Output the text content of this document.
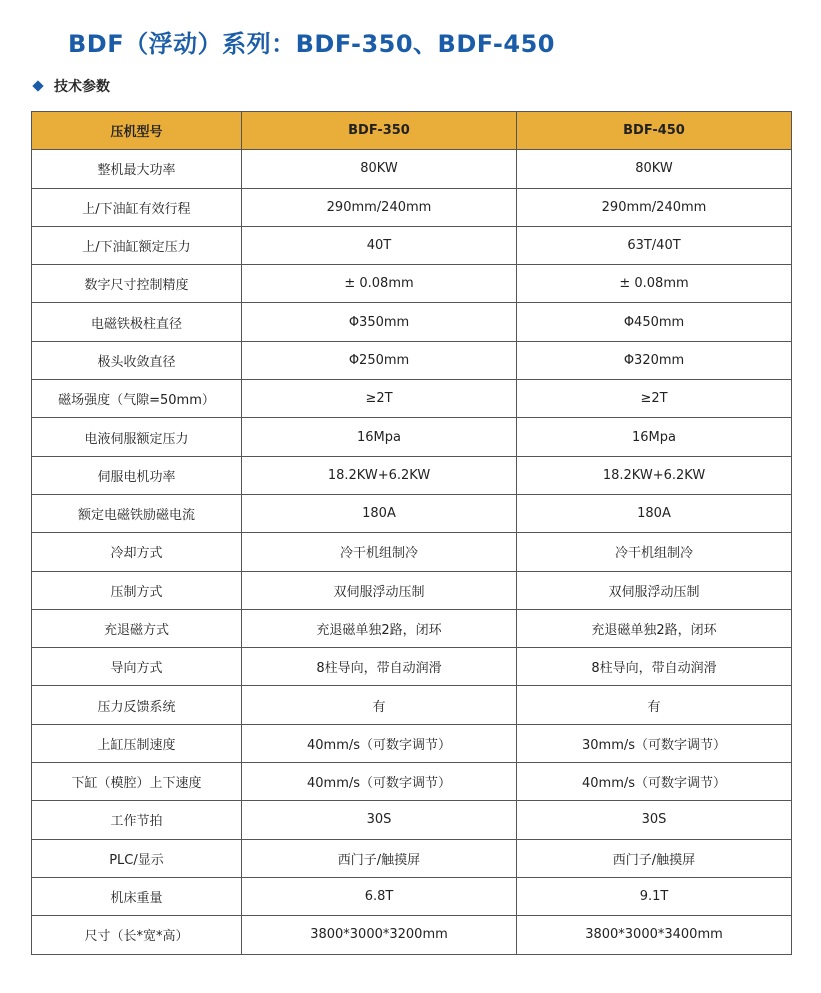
BDF（浮动）系列：BDF-350、BDF-450
技术参数
压机型号	BDF-350	BDF-450
整机最大功率	80KW	80KW
上/下油缸有效行程	290mm/240mm	290mm/240mm
上/下油缸额定压力	40T	63T/40T
数字尺寸控制精度	± 0.08mm	± 0.08mm
电磁铁极柱直径	Φ350mm	Φ450mm
极头收敛直径	Φ250mm	Φ320mm
磁场强度（气隙=50mm）	≥2T	≥2T
电液伺服额定压力	16Mpa	16Mpa
伺服电机功率	18.2KW+6.2KW	18.2KW+6.2KW
额定电磁铁励磁电流	180A	180A
冷却方式	冷干机组制冷	冷干机组制冷
压制方式	双伺服浮动压制	双伺服浮动压制
充退磁方式	充退磁单独2路，闭环	充退磁单独2路，闭环
导向方式	8柱导向，带自动润滑	8柱导向，带自动润滑
压力反馈系统	有	有
上缸压制速度	40mm/s（可数字调节）	30mm/s（可数字调节）
下缸（模腔）上下速度	40mm/s（可数字调节）	40mm/s（可数字调节）
工作节拍	30S	30S
PLC/显示	西门子/触摸屏	西门子/触摸屏
机床重量	6.8T	9.1T
尺寸（长*宽*高）	3800*3000*3200mm	3800*3000*3400mm
